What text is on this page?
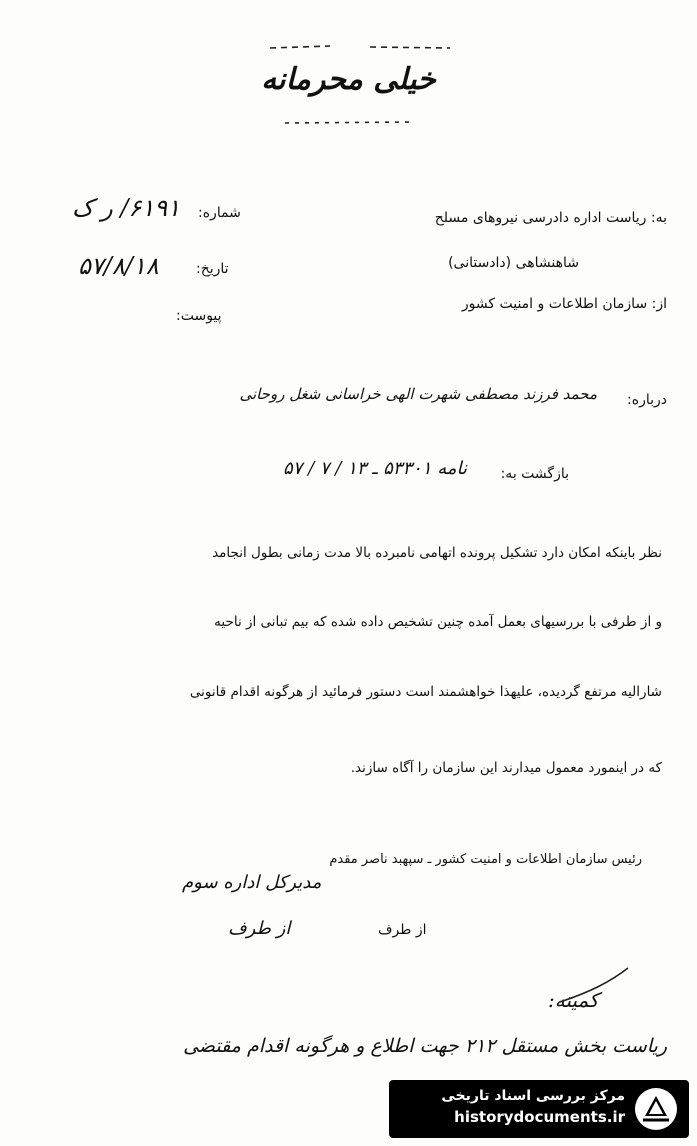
خیلی محرمانه
شماره:
۶۱۹۱/ ر ک
تاریخ:
۵۷/۸/۱۸
پیوست:
به: ریاست اداره دادرسی نیروهای مسلح
شاهنشاهی (دادستانی)
از: سازمان اطلاعات و امنیت کشور
درباره:
محمد فرزند مصطفی شهرت الهی خراسانی شغل روحانی
بازگشت به:
نامه ۵۳۳۰۱ ـ ۱۳ / ۷ / ۵۷
نظر باینکه امکان دارد تشکیل پرونده اتهامی نامبرده بالا مدت زمانی بطول انجامد
و از طرفی با بررسیهای بعمل آمده چنین تشخیص داده شده که بیم تبانی از ناحیه
شارالیه مرتفع گردیده، علیهذا خواهشمند است دستور فرمائید از هرگونه اقدام قانونی
که در اینمورد معمول میدارند این سازمان را آگاه سازند.
رئیس سازمان اطلاعات و امنیت کشور ـ سپهبد ناصر مقدم
مدیرکل اداره سوم
از طرف	از طرف
کمیته:
ریاست بخش مستقل ۲۱۲ جهت اطلاع و هرگونه اقدام مقتضی
مرکز بررسی اسناد تاریخی
historydocuments.ir
